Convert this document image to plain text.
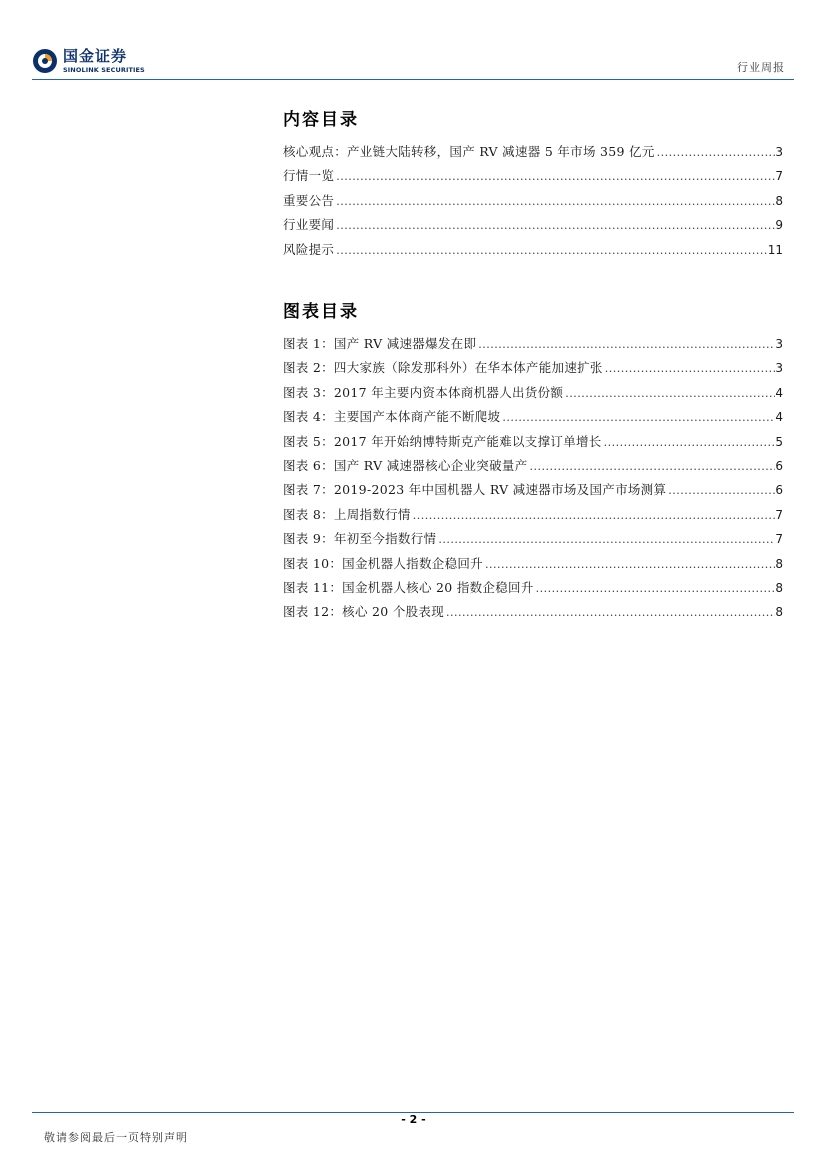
国金证券
SINOLINK SECURITIES	行业周报
内容目录
核心观点：产业链大陆转移，国产 RV 减速器 5 年市场 359 亿元 .....	3
行情一览 .....	7
重要公告 .....	8
行业要闻 .....	9
风险提示 .....	11
图表目录
图表 1：国产 RV 减速器爆发在即 .....	3
图表 2：四大家族（除发那科外）在华本体产能加速扩张 .....	3
图表 3：2017 年主要内资本体商机器人出货份额 .....	4
图表 4：主要国产本体商产能不断爬坡 .....	4
图表 5：2017 年开始纳博特斯克产能难以支撑订单增长 .....	5
图表 6：国产 RV 减速器核心企业突破量产 .....	6
图表 7：2019-2023 年中国机器人 RV 减速器市场及国产市场测算 .....	6
图表 8：上周指数行情 .....	7
图表 9：年初至今指数行情 .....	7
图表 10：国金机器人指数企稳回升 .....	8
图表 11：国金机器人核心 20 指数企稳回升 .....	8
图表 12：核心 20 个股表现 .....	8
- 2 -
敬请参阅最后一页特别声明
